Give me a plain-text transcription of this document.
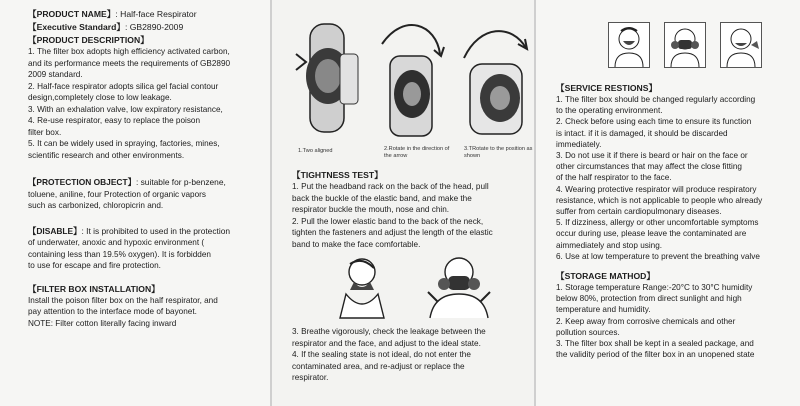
【PRODUCT NAME】: Half-face Respirator

【Executive Standard】: GB2890-2009

【PRODUCT DESCRIPTION】

1. The filter box adopts high efficiency activated carbon,

and its performance meets the requirements of GB2890

2009 standard.

2. Half-face respirator adopts silica gel facial contour

design,completely close to low leakage.

3. With an exhalation valve, low expiratory resistance,

4. Re-use respirator, easy to replace the poison

filter box.

5. It can be widely used in spraying, factories, mines,

scientific research and other environments.

【PROTECTION OBJECT】: suitable for p-benzene,

toluene, aniline, four Protection of organic vapors

such as carbonized, chloropicrin and.

【DISABLE】: It is prohibited to used in the protection

of underwater, anoxic and hypoxic environment (

containing less than 19.5% oxygen). It is forbidden

to use for escape and fire protection.

【FILTER BOX INSTALLATION】

Install the poison filter box on the half respirator, and

pay attention to the interface mode of bayonet.

NOTE: Filter cotton literally facing inward

1.Two aligned	2.Rotate in the direction of the arrow
3.TRotate to the position as shown

【TIGHTNESS TEST】

1. Put the headband rack on the back of the head, pull

back the buckle of the elastic band, and make the

respirator buckle the mouth, nose and chin.

2. Pull the lower elastic band to the back of the neck,

tighten the fasteners and adjust the length of the elastic

band to make the face comfortable.

3. Breathe vigorously, check the leakage between the

respirator and the face, and adjust to the ideal state.

4. If the sealing state is not ideal, do not enter the

contaminated area, and re-adjust or replace the

respirator.

【SERVICE RESTIONS】

1. The filter box should be changed regularly according

to the operating environment.

2. Check before using each time to ensure its function

is intact. if it is damaged, it should be discarded

immediately.

3. Do not use it if there is beard or hair on the face or

other circumstances that may affect the close fitting

of the half respirator to the face.

4. Wearing protective respirator will produce respiratory

resistance, which is not applicable to people who already

suffer from certain cardiopulmonary diseases.

5. If dizziness, allergy or other uncomfortable symptoms

occur during use, please leave the contaminated are

aimmediately and stop using.

6. Use at low temperature to prevent the breathing valve

【STORAGE MATHOD】

1. Storage temperature Range:-20°C to 30°C humidity

below 80%, protection from direct sunlight and high

temperature and humidity.

2. Keep away from corrosive chemicals and other

pollution sources.

3. The filter box shall be kept in a sealed package, and

the validity period of the filter box in an unopened state
